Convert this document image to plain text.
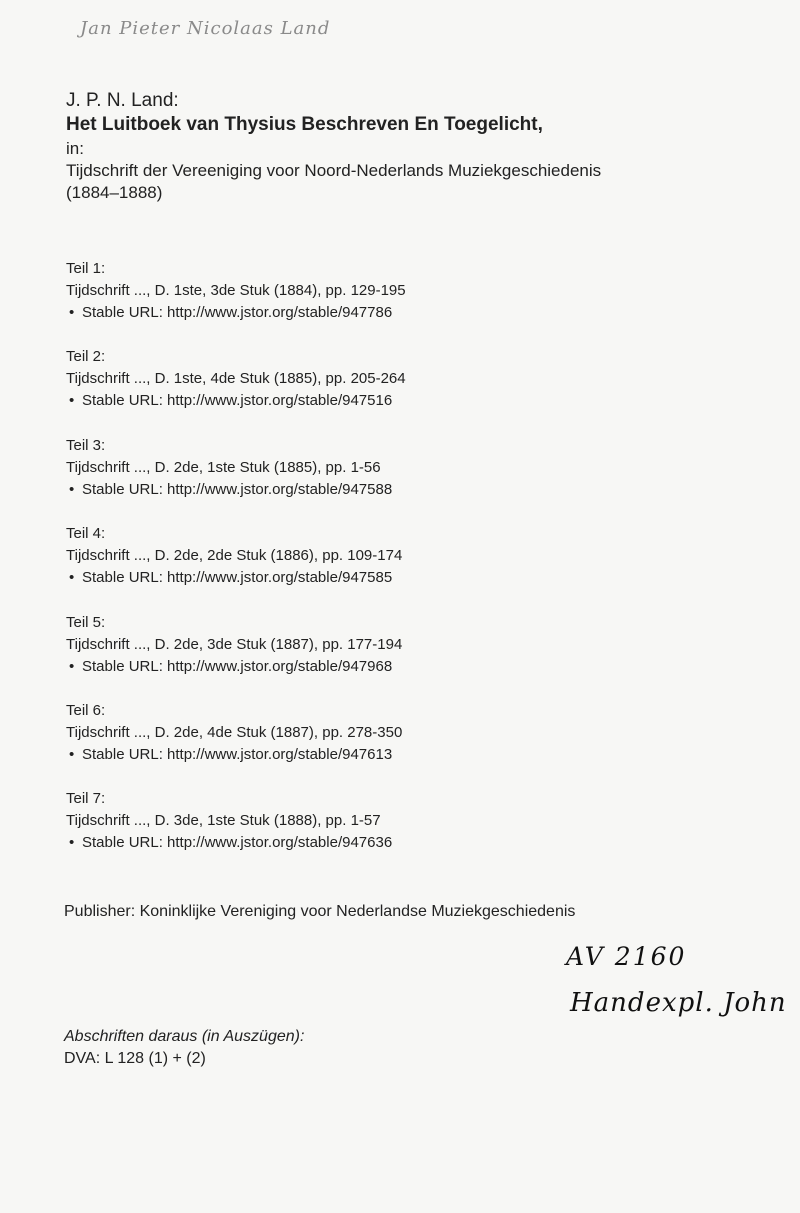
Jan Pieter Nicolaas Land
J. P. N. Land:
Het Luitboek van Thysius Beschreven En Toegelicht,
in:
Tijdschrift der Vereeniging voor Noord-Nederlands Muziekgeschiedenis
(1884–1888)
Teil 1:
Tijdschrift ..., D. 1ste, 3de Stuk (1884), pp. 129-195
• Stable URL: http://www.jstor.org/stable/947786
Teil 2:
Tijdschrift ..., D. 1ste, 4de Stuk (1885), pp. 205-264
• Stable URL: http://www.jstor.org/stable/947516
Teil 3:
Tijdschrift ..., D. 2de, 1ste Stuk (1885), pp. 1-56
• Stable URL: http://www.jstor.org/stable/947588
Teil 4:
Tijdschrift ..., D. 2de, 2de Stuk (1886), pp. 109-174
• Stable URL: http://www.jstor.org/stable/947585
Teil 5:
Tijdschrift ..., D. 2de, 3de Stuk (1887), pp. 177-194
• Stable URL: http://www.jstor.org/stable/947968
Teil 6:
Tijdschrift ..., D. 2de, 4de Stuk (1887), pp. 278-350
• Stable URL: http://www.jstor.org/stable/947613
Teil 7:
Tijdschrift ..., D. 3de, 1ste Stuk (1888), pp. 1-57
• Stable URL: http://www.jstor.org/stable/947636
Publisher: Koninklijke Vereniging voor Nederlandse Muziekgeschiedenis
AV 2160
Handexpl. John
Abschriften daraus (in Auszügen):
DVA: L 128 (1) + (2)
